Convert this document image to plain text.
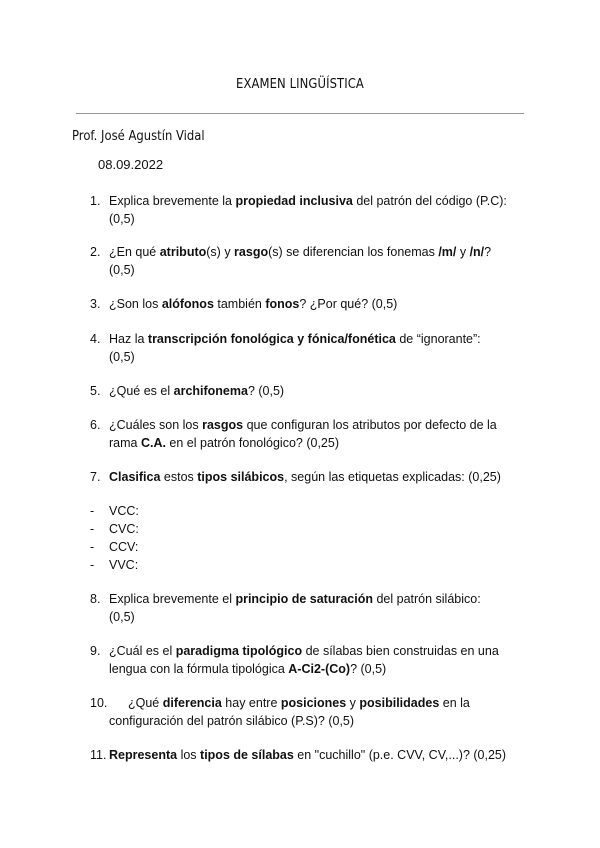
EXAMEN LINGÜÍSTICA
Prof. José Agustín Vidal
08.09.2022
1. Explica brevemente la propiedad inclusiva del patrón del código (P.C):
(0,5)
2. ¿En qué atributo(s) y rasgo(s) se diferencian los fonemas /m/ y /n/?
(0,5)
3. ¿Son los alófonos también fonos? ¿Por qué? (0,5)
4. Haz la transcripción fonológica y fónica/fonética de “ignorante”:
(0,5)
5. ¿Qué es el archifonema? (0,5)
6. ¿Cuáles son los rasgos que configuran los atributos por defecto de la
rama C.A. en el patrón fonológico? (0,25)
7. Clasifica estos tipos silábicos, según las etiquetas explicadas: (0,25)
- VCC:
- CVC:
- CCV:
- VVC:
8. Explica brevemente el principio de saturación del patrón silábico:
(0,5)
9. ¿Cuál es el paradigma tipológico de sílabas bien construidas en una
lengua con la fórmula tipológica A-Ci2-(Co)? (0,5)
10. ¿Qué diferencia hay entre posiciones y posibilidades en la
configuración del patrón silábico (P.S)? (0,5)
11. Representa los tipos de sílabas en "cuchillo" (p.e. CVV, CV,...)? (0,25)
